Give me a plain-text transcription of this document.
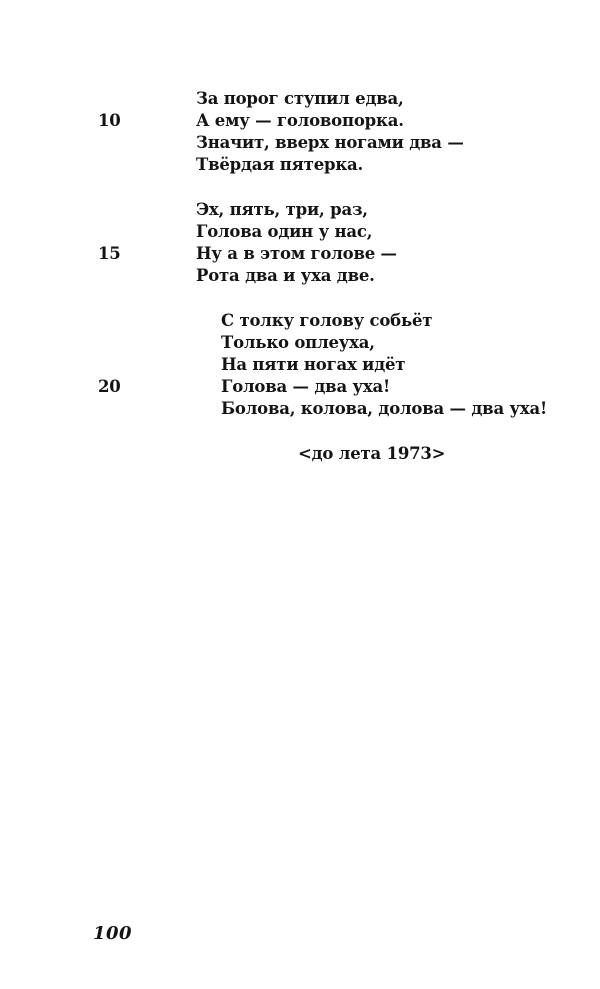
За порог ступил едва,
10	А ему — головопорка.
Значит, вверх ногами два —
Твёрдая пятерка.
Эх, пять, три, раз,
Голова один у нас,
15	Ну а в этом голове —
Рота два и уха две.
С толку голову собьёт
Только оплеуха,
На пяти ногах идёт
20	Голова — два уха!
Болова, колова, долова — два уха!
<до лета 1973>
100
